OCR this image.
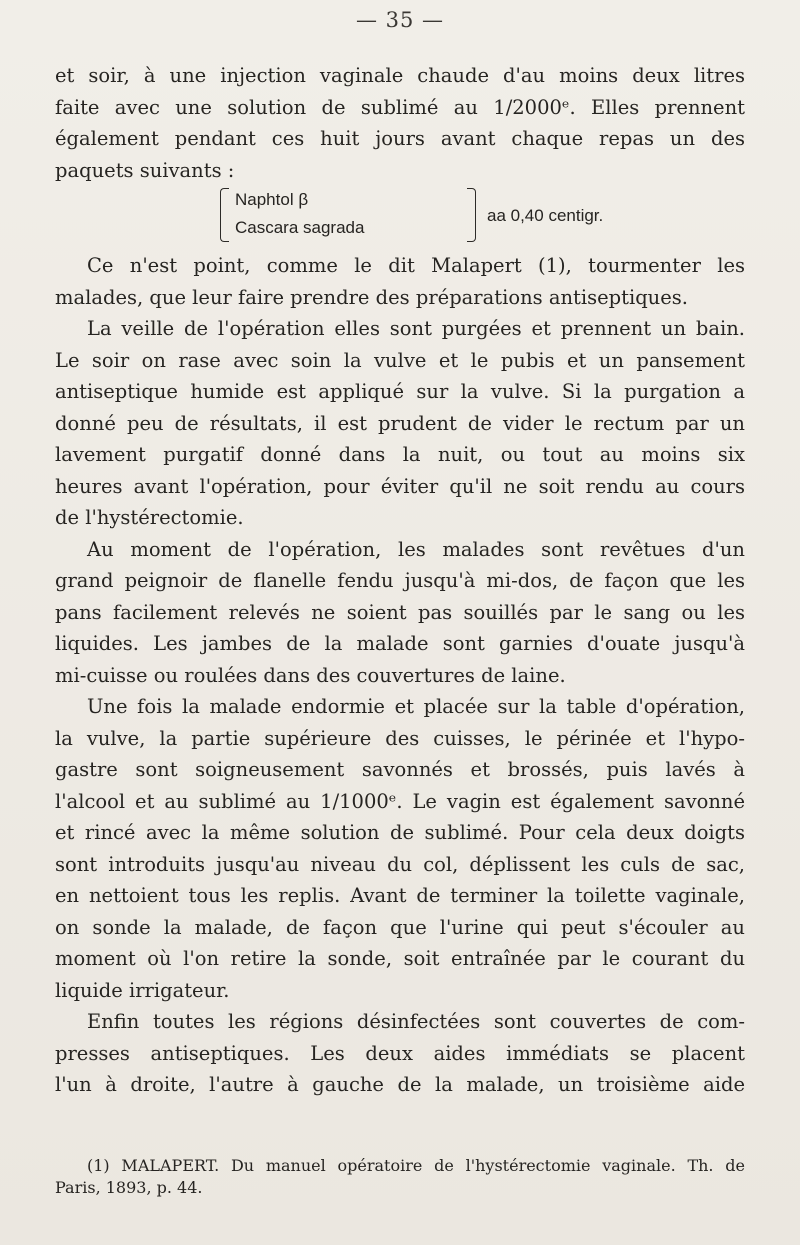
— 35 —
et soir, à une injection vaginale chaude d'au moins deux litres
faite avec une solution de sublimé au 1/2000ᵉ. Elles prennent
également pendant ces huit jours avant chaque repas un des
paquets suivants :
Naphtol β
Cascara sagrada
aa 0,40 centigr.
Ce n'est point, comme le dit Malapert (1), tourmenter les
malades, que leur faire prendre des préparations antiseptiques.
La veille de l'opération elles sont purgées et prennent un bain.
Le soir on rase avec soin la vulve et le pubis et un pansement
antiseptique humide est appliqué sur la vulve. Si la purgation a
donné peu de résultats, il est prudent de vider le rectum par un
lavement purgatif donné dans la nuit, ou tout au moins six
heures avant l'opération, pour éviter qu'il ne soit rendu au cours
de l'hystérectomie.
Au moment de l'opération, les malades sont revêtues d'un
grand peignoir de flanelle fendu jusqu'à mi-dos, de façon que les
pans facilement relevés ne soient pas souillés par le sang ou les
liquides. Les jambes de la malade sont garnies d'ouate jusqu'à
mi-cuisse ou roulées dans des couvertures de laine.
Une fois la malade endormie et placée sur la table d'opération,
la vulve, la partie supérieure des cuisses, le périnée et l'hypo-
gastre sont soigneusement savonnés et brossés, puis lavés à
l'alcool et au sublimé au 1/1000ᵉ. Le vagin est également savonné
et rincé avec la même solution de sublimé. Pour cela deux doigts
sont introduits jusqu'au niveau du col, déplissent les culs de sac,
en nettoient tous les replis. Avant de terminer la toilette vaginale,
on sonde la malade, de façon que l'urine qui peut s'écouler au
moment où l'on retire la sonde, soit entraînée par le courant du
liquide irrigateur.
Enfin toutes les régions désinfectées sont couvertes de com-
presses antiseptiques. Les deux aides immédiats se placent
l'un à droite, l'autre à gauche de la malade, un troisième aide
(1) MALAPERT. Du manuel opératoire de l'hystérectomie vaginale. Th. de
Paris, 1893, p. 44.
